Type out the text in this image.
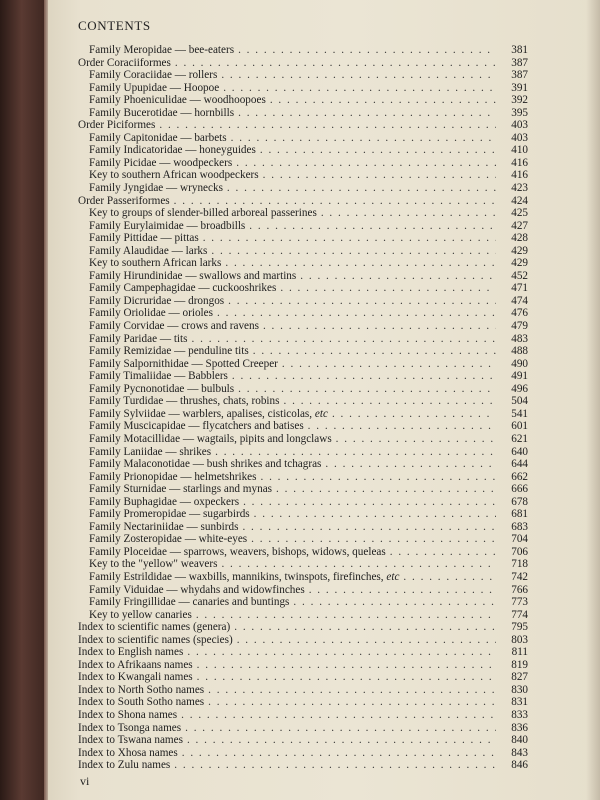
CONTENTS
Family Meropidae — bee-eaters . . .	381
Order Coraciiformes . . .	387
Family Coraciidae — rollers . . .	387
Family Upupidae — Hoopoe . . .	391
Family Phoeniculidae — woodhoopoes . . .	392
Family Bucerotidae — hornbills . . .	395
Order Piciformes . . .	403
Family Capitonidae — barbets . . .	403
Family Indicatoridae — honeyguides . . .	410
Family Picidae — woodpeckers . . .	416
Key to southern African woodpeckers . . .	416
Family Jyngidae — wrynecks . . .	423
Order Passeriformes . . .	424
Key to groups of slender-billed arboreal passerines . . .	425
Family Eurylaimidae — broadbills . . .	427
Family Pittidae — pittas . . .	428
Family Alaudidae — larks . . .	429
Key to southern African larks . . .	429
Family Hirundinidae — swallows and martins . . .	452
Family Campephagidae — cuckooshrikes . . .	471
Family Dicruridae — drongos . . .	474
Family Oriolidae — orioles . . .	476
Family Corvidae — crows and ravens . . .	479
Family Paridae — tits . . .	483
Family Remizidae — penduline tits . . .	488
Family Salpornithidae — Spotted Creeper . . .	490
Family Timaliidae — Babblers . . .	491
Family Pycnonotidae — bulbuls . . .	496
Family Turdidae — thrushes, chats, robins . . .	504
Family Sylviidae — warblers, apalises, cisticolas, etc . . .	541
Family Muscicapidae — flycatchers and batises . . .	601
Family Motacillidae — wagtails, pipits and longclaws . . .	621
Family Laniidae — shrikes . . .	640
Family Malaconotidae — bush shrikes and tchagras . . .	644
Family Prionopidae — helmetshrikes . . .	662
Family Sturnidae — starlings and mynas . . .	666
Family Buphagidae — oxpeckers . . .	678
Family Promeropidae — sugarbirds . . .	681
Family Nectariniidae — sunbirds . . .	683
Family Zosteropidae — white-eyes . . .	704
Family Ploceidae — sparrows, weavers, bishops, widows, queleas . . .	706
Key to the "yellow" weavers . . .	718
Family Estrildidae — waxbills, mannikins, twinspots, firefinches, etc . . .	742
Family Viduidae — whydahs and widowfinches . . .	766
Family Fringillidae — canaries and buntings . . .	773
Key to yellow canaries . . .	774
Index to scientific names (genera) . . .	795
Index to scientific names (species) . . .	803
Index to English names . . .	811
Index to Afrikaans names . . .	819
Index to Kwangali names . . .	827
Index to North Sotho names . . .	830
Index to South Sotho names . . .	831
Index to Shona names . . .	833
Index to Tsonga names . . .	836
Index to Tswana names . . .	840
Index to Xhosa names . . .	843
Index to Zulu names . . .	846
vi
